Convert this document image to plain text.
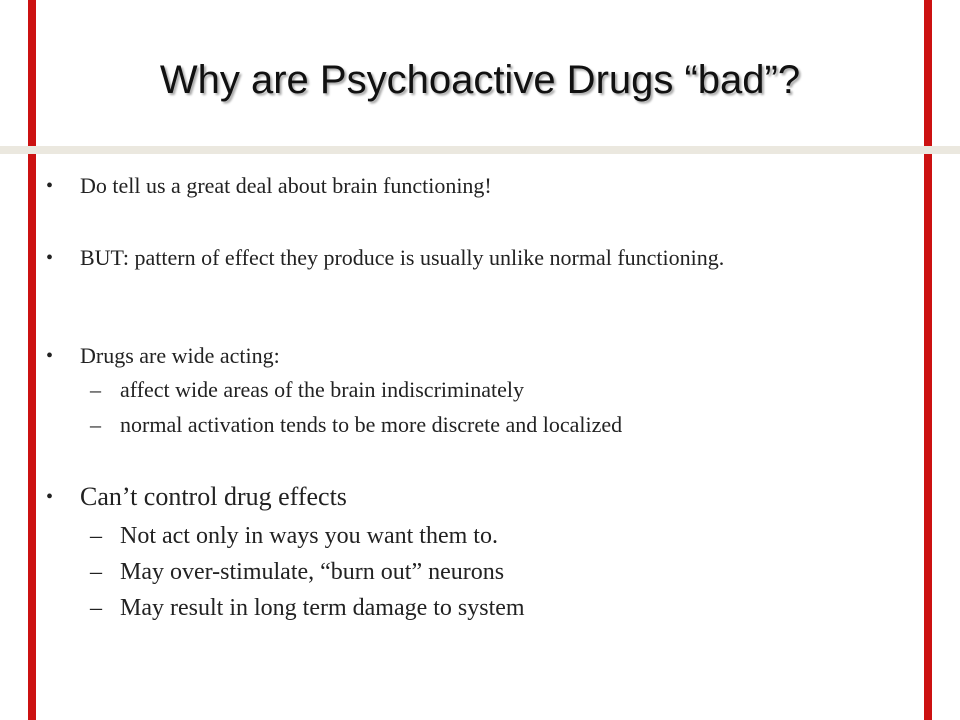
Why are Psychoactive Drugs “bad”?
• Do tell us a great deal about brain functioning!
• BUT: pattern of effect they produce is usually unlike normal functioning.
• Drugs are wide acting:
– affect wide areas of the brain indiscriminately
– normal activation tends to be more discrete and localized
• Can’t control drug effects
– Not act only in ways you want them to.
– May over-stimulate, “burn out” neurons
– May result in long term damage to system
